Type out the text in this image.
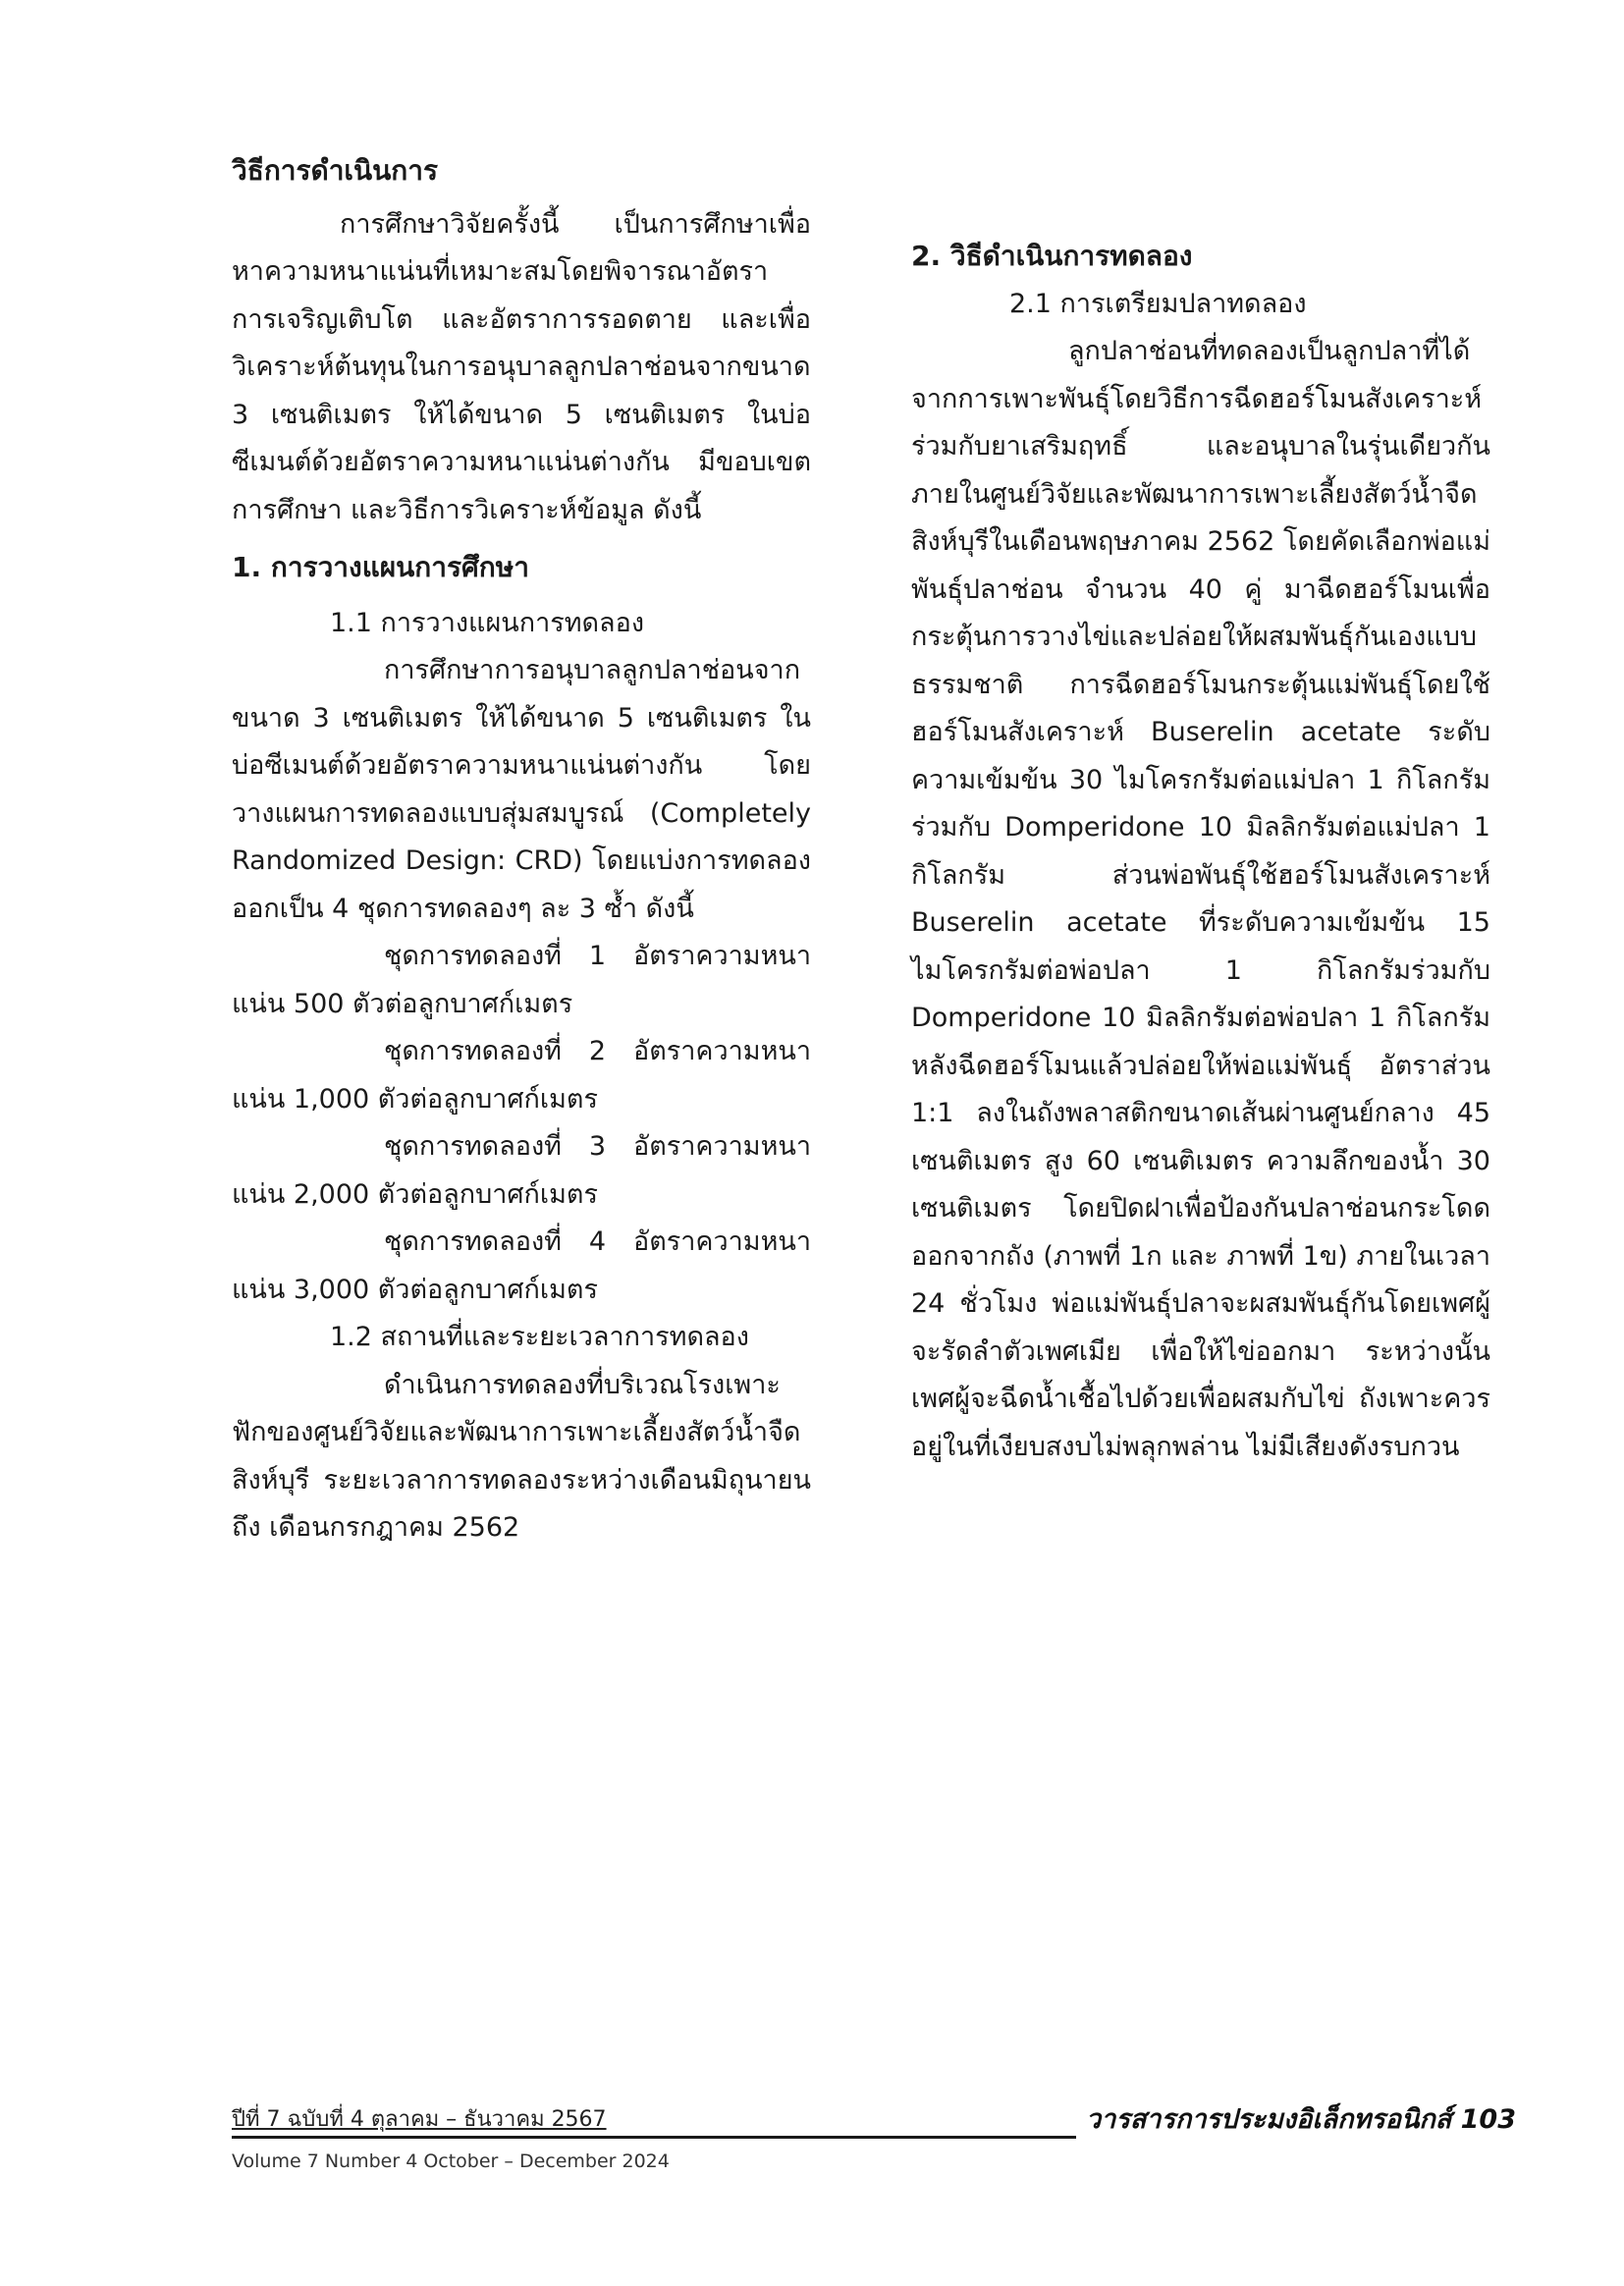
วิธีการดำเนินการ

การศึกษาวิจัยครั้งนี้ เป็นการศึกษาเพื่อหาความหนาแน่นที่เหมาะสมโดยพิจารณาอัตราการเจริญเติบโต และอัตราการรอดตาย และเพื่อวิเคราะห์ต้นทุนในการอนุบาลลูกปลาช่อนจากขนาด 3 เซนติเมตร ให้ได้ขนาด 5 เซนติเมตร ในบ่อซีเมนต์ด้วยอัตราความหนาแน่นต่างกัน มีขอบเขตการศึกษา และวิธีการวิเคราะห์ข้อมูล ดังนี้

1. การวางแผนการศึกษา

1.1 การวางแผนการทดลอง

การศึกษาการอนุบาลลูกปลาช่อนจากขนาด 3 เซนติเมตร ให้ได้ขนาด 5 เซนติเมตร ในบ่อซีเมนต์ด้วยอัตราความหนาแน่นต่างกัน โดยวางแผนการทดลองแบบสุ่มสมบูรณ์ (Completely Randomized Design: CRD) โดยแบ่งการทดลองออกเป็น 4 ชุดการทดลองๆ ละ 3 ซ้ำ ดังนี้

ชุดการทดลองที่ 1 อัตราความหนาแน่น 500 ตัวต่อลูกบาศก์เมตร

ชุดการทดลองที่ 2 อัตราความหนาแน่น 1,000 ตัวต่อลูกบาศก์เมตร

ชุดการทดลองที่ 3 อัตราความหนาแน่น 2,000 ตัวต่อลูกบาศก์เมตร

ชุดการทดลองที่ 4 อัตราความหนาแน่น 3,000 ตัวต่อลูกบาศก์เมตร

1.2 สถานที่และระยะเวลาการทดลอง

ดำเนินการทดลองที่บริเวณโรงเพาะฟักของศูนย์วิจัยและพัฒนาการเพาะเลี้ยงสัตว์น้ำจืดสิงห์บุรี ระยะเวลาการทดลองระหว่างเดือนมิถุนายน ถึง เดือนกรกฎาคม 2562

2. วิธีดำเนินการทดลอง

2.1 การเตรียมปลาทดลอง

ลูกปลาช่อนที่ทดลองเป็นลูกปลาที่ได้จากการเพาะพันธุ์โดยวิธีการฉีดฮอร์โมนสังเคราะห์ร่วมกับยาเสริมฤทธิ์ และอนุบาลในรุ่นเดียวกันภายในศูนย์วิจัยและพัฒนาการเพาะเลี้ยงสัตว์น้ำจืดสิงห์บุรีในเดือนพฤษภาคม 2562 โดยคัดเลือกพ่อแม่พันธุ์ปลาช่อน จำนวน 40 คู่ มาฉีดฮอร์โมนเพื่อกระตุ้นการวางไข่และปล่อยให้ผสมพันธุ์กันเองแบบธรรมชาติ การฉีดฮอร์โมนกระตุ้นแม่พันธุ์โดยใช้ฮอร์โมนสังเคราะห์ Buserelin acetate ระดับความเข้มข้น 30 ไมโครกรัมต่อแม่ปลา 1 กิโลกรัมร่วมกับ Domperidone 10 มิลลิกรัมต่อแม่ปลา 1 กิโลกรัม ส่วนพ่อพันธุ์ใช้ฮอร์โมนสังเคราะห์ Buserelin acetate ที่ระดับความเข้มข้น 15 ไมโครกรัมต่อพ่อปลา 1 กิโลกรัมร่วมกับ Domperidone 10 มิลลิกรัมต่อพ่อปลา 1 กิโลกรัม หลังฉีดฮอร์โมนแล้วปล่อยให้พ่อแม่พันธุ์ อัตราส่วน 1:1 ลงในถังพลาสติกขนาดเส้นผ่านศูนย์กลาง 45 เซนติเมตร สูง 60 เซนติเมตร ความลึกของน้ำ 30 เซนติเมตร โดยปิดฝาเพื่อป้องกันปลาช่อนกระโดดออกจากถัง (ภาพที่ 1ก และ ภาพที่ 1ข) ภายในเวลา 24 ชั่วโมง พ่อแม่พันธุ์ปลาจะผสมพันธุ์กันโดยเพศผู้จะรัดลำตัวเพศเมีย เพื่อให้ไข่ออกมา ระหว่างนั้นเพศผู้จะฉีดน้ำเชื้อไปด้วยเพื่อผสมกับไข่ ถังเพาะควรอยู่ในที่เงียบสงบไม่พลุกพล่าน ไม่มีเสียงดังรบกวน

ปีที่ 7 ฉบับที่ 4 ตุลาคม – ธันวาคม 2567	วารสารการประมงอิเล็กทรอนิกส์ 103
Volume 7 Number 4 October – December 2024
